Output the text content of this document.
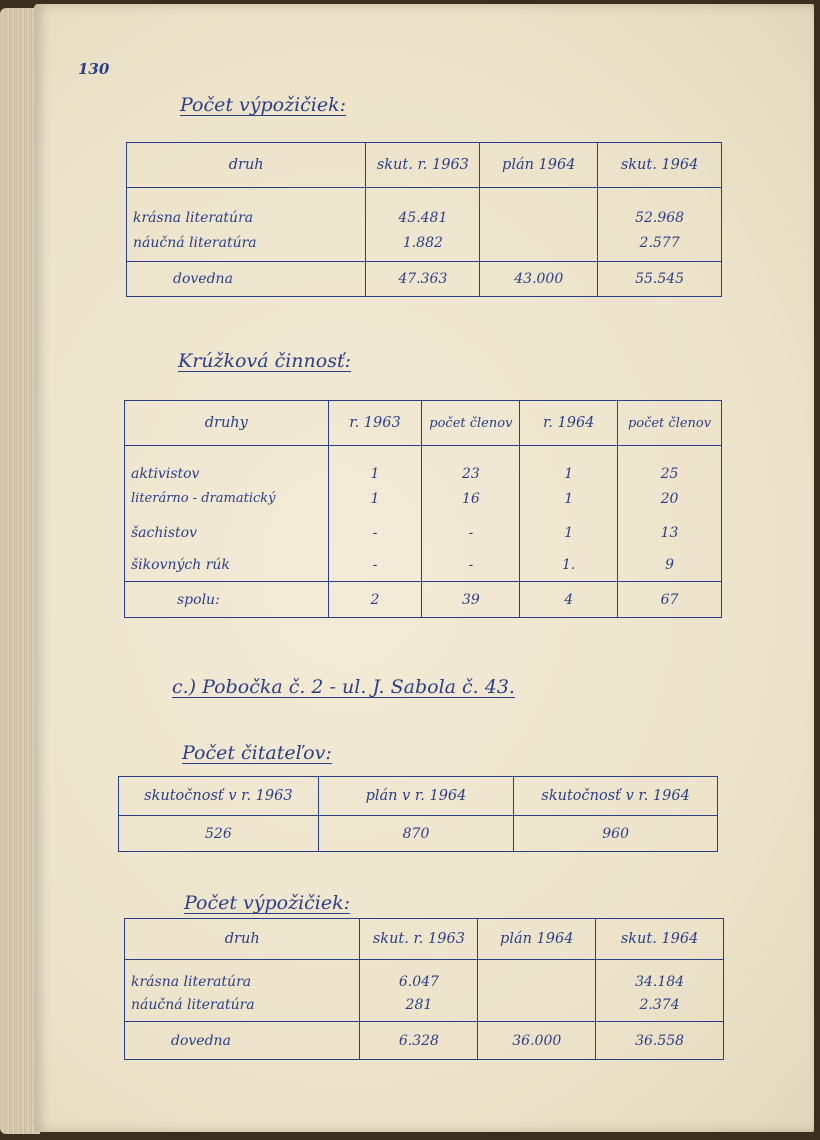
130
Počet výpožičiek:
druh	skut. r. 1963	plán 1964	skut. 1964
krásna literatúra	45.481		52.968
náučná literatúra	1.882		2.577
dovedna	47.363	43.000	55.545
Krúžková činnosť:
druhy	r. 1963	počet členov	r. 1964	počet členov
aktivistov	1	23	1	25
literárno - dramatický	1	16	1	20
šachistov	-	-	1	13
šikovných rúk	-	-	1.	9
spolu:	2	39	4	67
c.) Pobočka č. 2 - ul. J. Sabola č. 43.
Počet čitateľov:
skutočnosť v r. 1963	plán v r. 1964	skutočnosť v r. 1964
526	870	960
Počet výpožičiek:
druh	skut. r. 1963	plán 1964	skut. 1964
krásna literatúra	6.047		34.184
náučná literatúra	281		2.374
dovedna	6.328	36.000	36.558
